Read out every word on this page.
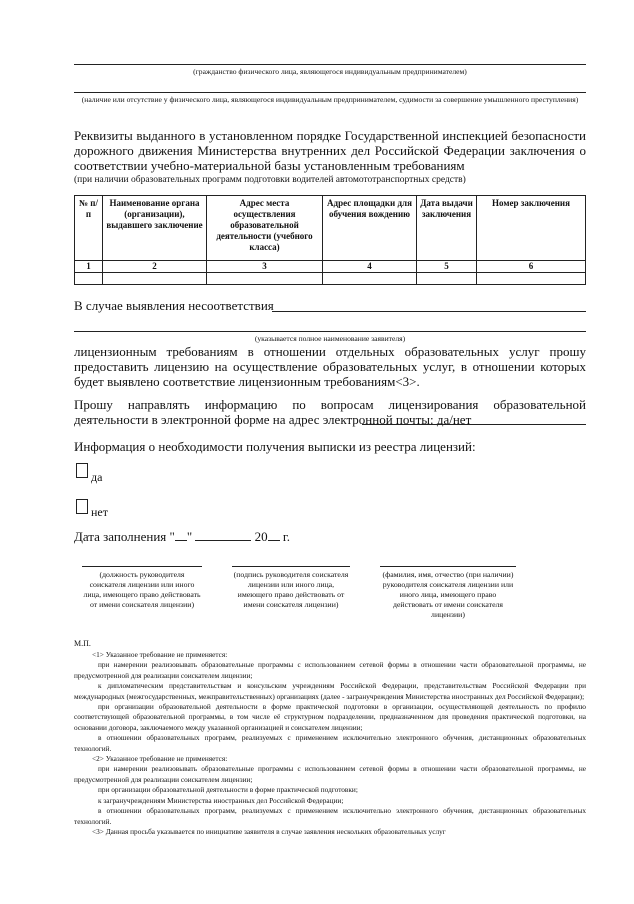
(гражданство физического лица, являющегося индивидуальным предпринимателем)
(наличие или отсутствие у физического лица, являющегося индивидуальным предпринимателем, судимости за совершение умышленного преступления)
Реквизиты выданного в установленном порядке Государственной инспекцией безопасности дорожного движения Министерства внутренних дел Российской Федерации заключения о соответствии учебно-материальной базы установленным требованиям
(при наличии образовательных программ подготовки водителей автомототранспортных средств)
№ п/п	Наименование органа (организации), выдавшего заключение	Адрес места осуществления образовательной деятельности (учебного класса)	Адрес площадки для обучения вождению	Дата выдачи заключения	Номер заключения
1	2	3	4	5	6

В случае выявления несоответствия
(указывается полное наименование заявителя)
лицензионным требованиям в отношении отдельных образовательных услуг прошу предоставить лицензию на осуществление образовательных услуг, в отношении которых будет выявлено соответствие лицензионным требованиям<3>.
Прошу направлять информацию по вопросам лицензирования образовательной деятельности в электронной форме на адрес электронной почты: да/нет
Информация о необходимости получения выписки из реестра лицензий:
да
нет
Дата заполнения " "	20 г.
(должность руководителя соискателя лицензии или иного лица, имеющего право действовать от имени соискателя лицензии)
(подпись руководителя соискателя лицензии или иного лица, имеющего право действовать от имени соискателя лицензии)
(фамилия, имя, отчество (при наличии) руководителя соискателя лицензии или иного лица, имеющего право действовать от имени соискателя лицензии)
М.П.

<1> Указанное требование не применяется:

при намерении реализовывать образовательные программы с использованием сетевой формы в отношении части образовательной программы, не предусмотренной для реализации соискателем лицензии;

к дипломатическим представительствам и консульским учреждениям Российской Федерации, представительствам Российской Федерации при международных (межгосударственных, межправительственных) организациях (далее - загранучреждения Министерства иностранных дел Российской Федерации);

при организации образовательной деятельности в форме практической подготовки в организации, осуществляющей деятельность по профилю соответствующей образовательной программы, в том числе её структурном подразделении, предназначенном для проведения практической подготовки, на основании договора, заключаемого между указанной организацией и соискателем лицензии;

в отношении образовательных программ, реализуемых с применением исключительно электронного обучения, дистанционных образовательных технологий.

<2> Указанное требование не применяется:

при намерении реализовывать образовательные программы с использованием сетевой формы в отношении части образовательной программы, не предусмотренной для реализации соискателем лицензии;

при организации образовательной деятельности в форме практической подготовки;

к загранучреждениям Министерства иностранных дел Российской Федерации;

в отношении образовательных программ, реализуемых с применением исключительно электронного обучения, дистанционных образовательных технологий.

<3> Данная просьба указывается по инициативе заявителя в случае заявления нескольких образовательных услуг
